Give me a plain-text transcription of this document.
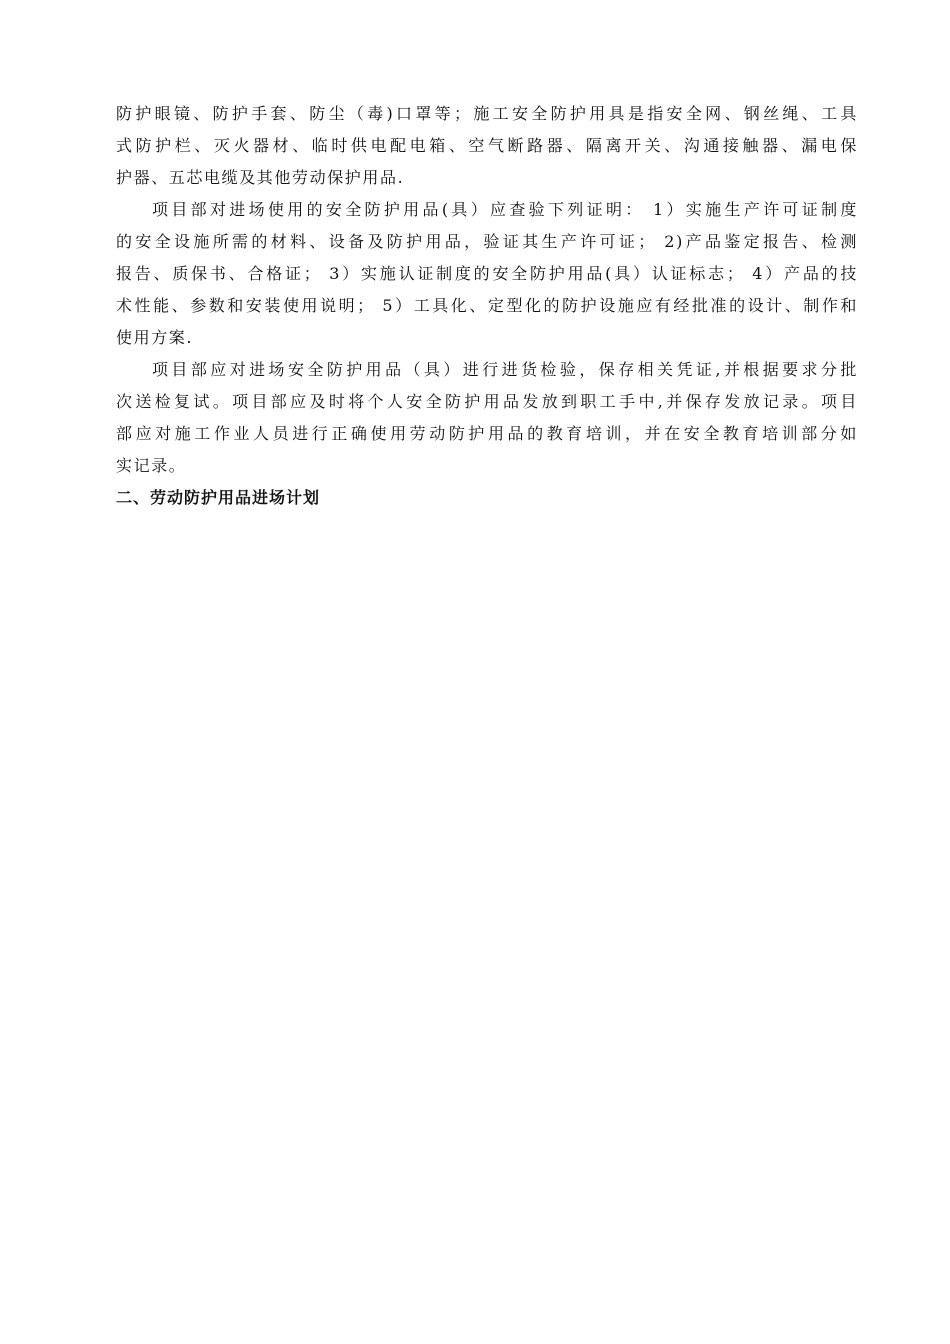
防护眼镜、防护手套、防尘（毒)口罩等；施工安全防护用具是指安全网、钢丝绳、工具
式防护栏、灭火器材、临时供电配电箱、空气断路器、隔离开关、沟通接触器、漏电保
护器、五芯电缆及其他劳动保护用品.
项目部对进场使用的安全防护用品(具）应查验下列证明： 1）实施生产许可证制度
的安全设施所需的材料、设备及防护用品，验证其生产许可证； 2)产品鉴定报告、检测
报告、质保书、合格证； 3）实施认证制度的安全防护用品(具）认证标志； 4）产品的技
术性能、参数和安装使用说明； 5）工具化、定型化的防护设施应有经批准的设计、制作和
使用方案.
项目部应对进场安全防护用品（具）进行进货检验，保存相关凭证,并根据要求分批
次送检复试。项目部应及时将个人安全防护用品发放到职工手中,并保存发放记录。项目
部应对施工作业人员进行正确使用劳动防护用品的教育培训，并在安全教育培训部分如
实记录。
二、劳动防护用品进场计划
